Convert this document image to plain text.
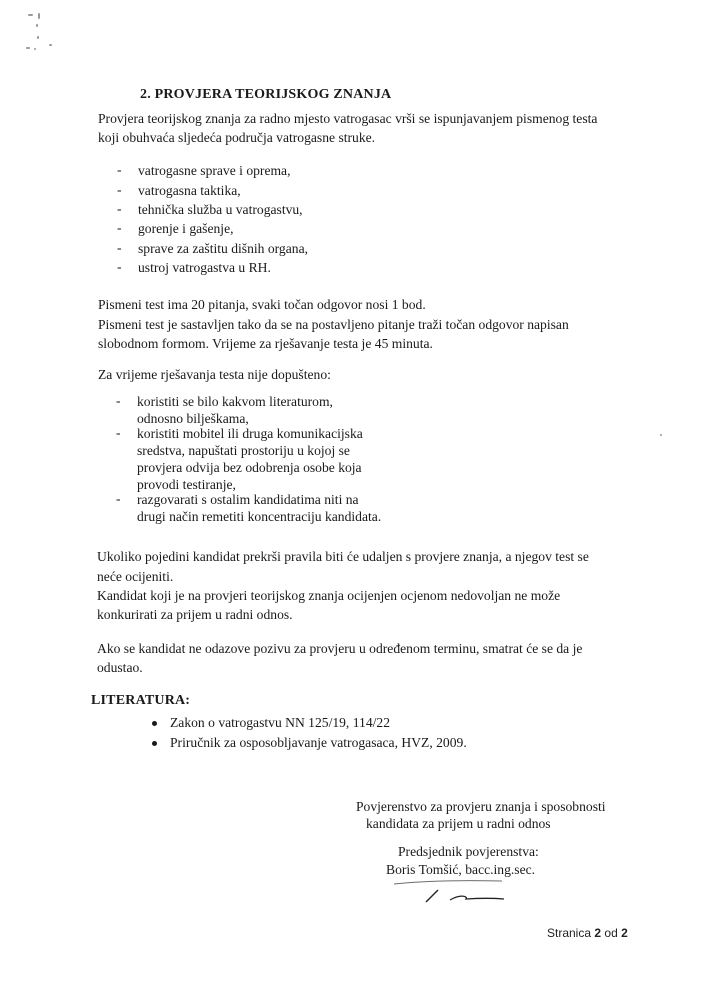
2. PROVJERA TEORIJSKOG ZNANJA
Provjera teorijskog znanja za radno mjesto vatrogasac vrši se ispunjavanjem pismenog testa
koji obuhvaća sljedeća područja vatrogasne struke.
-	vatrogasne sprave i oprema,
-	vatrogasna taktika,
-	tehnička služba u vatrogastvu,
-	gorenje i gašenje,
-	sprave za zaštitu dišnih organa,
-	ustroj vatrogastva u RH.
Pismeni test ima 20 pitanja, svaki točan odgovor nosi 1 bod.
Pismeni test je sastavljen tako da se na postavljeno pitanje traži točan odgovor napisan
slobodnom formom. Vrijeme za rješavanje testa je 45 minuta.
Za vrijeme rješavanja testa nije dopušteno:
-	koristiti se bilo kakvom literaturom,
odnosno bilješkama,
-	koristiti mobitel ili druga komunikacijska
sredstva, napuštati prostoriju u kojoj se
provjera odvija bez odobrenja osobe koja
provodi testiranje,
-	razgovarati s ostalim kandidatima niti na
drugi način remetiti koncentraciju kandidata.
Ukoliko pojedini kandidat prekrši pravila biti će udaljen s provjere znanja, a njegov test se
neće ocijeniti.
Kandidat koji je na provjeri teorijskog znanja ocijenjen ocjenom nedovoljan ne može
konkurirati za prijem u radni odnos.
Ako se kandidat ne odazove pozivu za provjeru u određenom terminu, smatrat će se da je
odustao.
LITERATURA:
Zakon o vatrogastvu NN 125/19, 114/22
Priručnik za osposobljavanje vatrogasaca, HVZ, 2009.
Povjerenstvo za provjeru znanja i sposobnosti
kandidata za prijem u radni odnos
Predsjednik povjerenstva:
Boris Tomšić, bacc.ing.sec.
Stranica 2 od 2
